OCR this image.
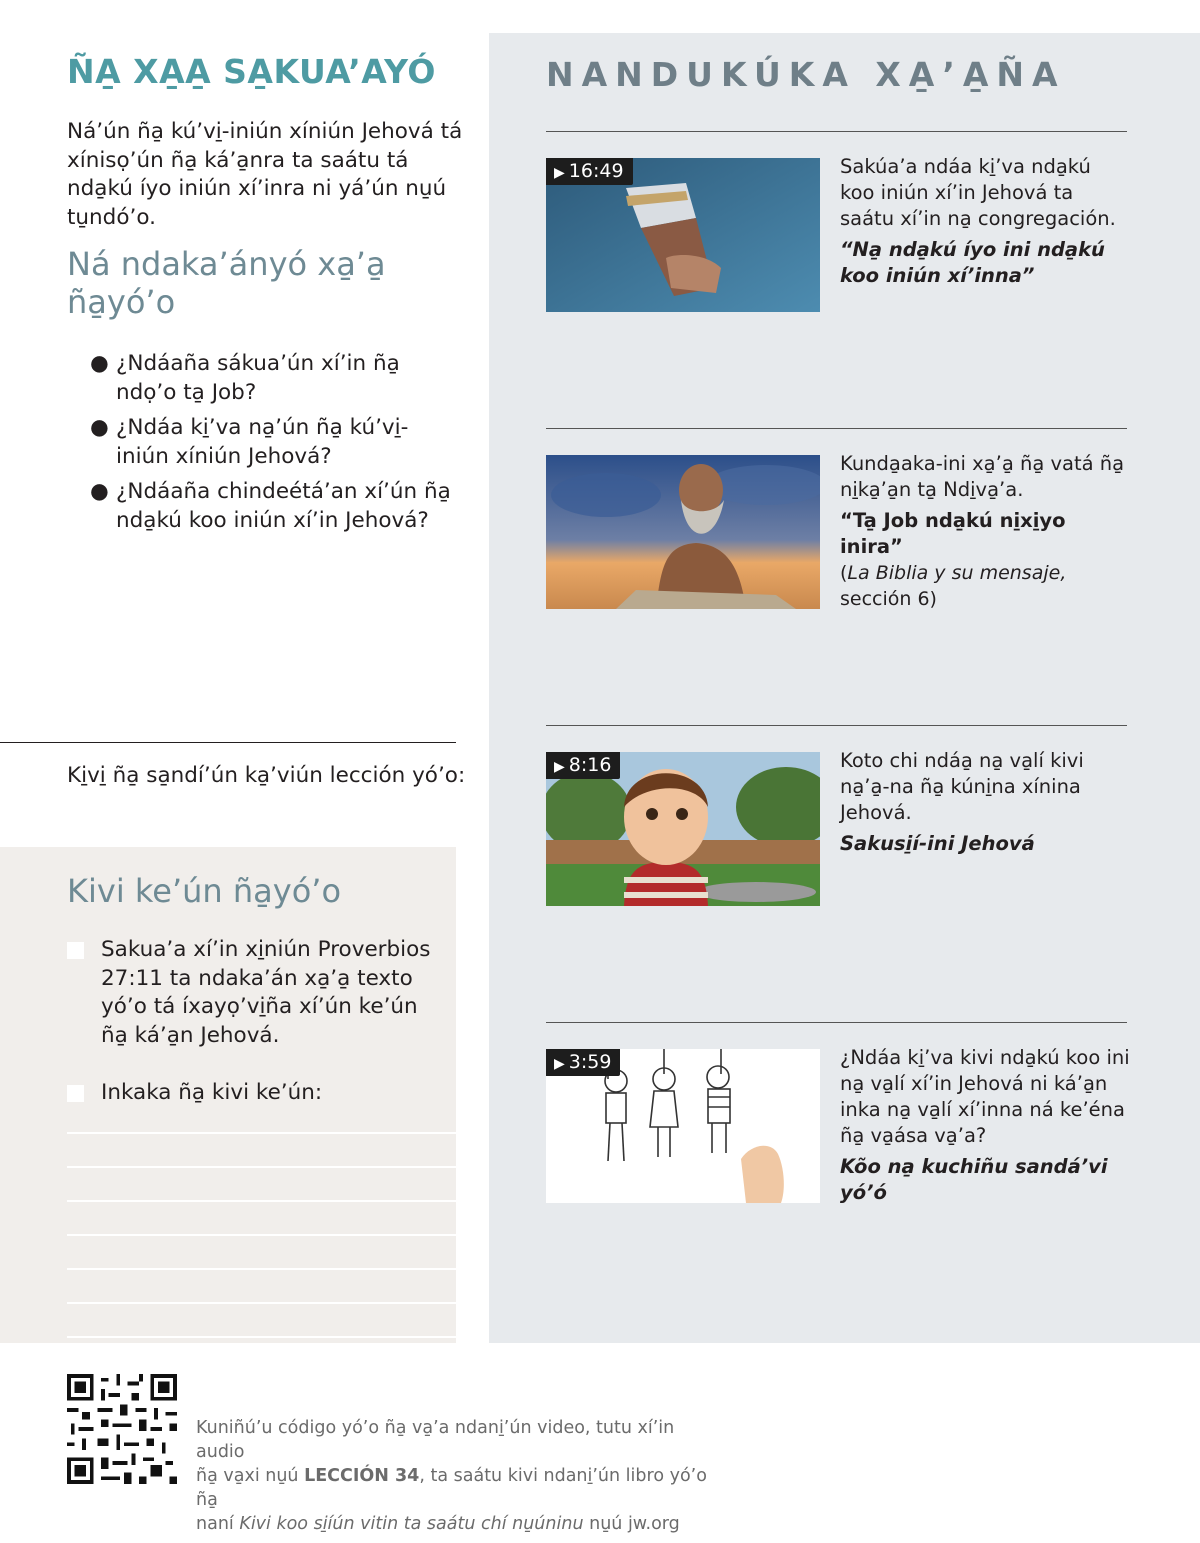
ÑA̱ XA̱A̱ SA̱KUA’AYÓ

Ná’ún ña̱ kú’vi̱-iniún xíniún Jehová tá xínisọ’ún ña̱ ká’a̱nra ta saátu tá nda̱kú íyo iniún xí’inra ni yá’ún nu̱ú tu̱ndó’o.

Ná ndaka’ányó xa̱’a̱ ña̱yó’o
● ¿Ndáaña sákua’ún xí’in ña̱ ndọ’o ta̱ Job?
● ¿Ndáa ki̱’va na̱’ún ña̱ kú’vi̱-iniún xíniún Jehová?
● ¿Ndáaña chindeétá’an xí’ún ña̱ nda̱kú koo iniún xí’in Jehová?
Ki̱vi̱ ña̱ sa̱ndí’ún ka̱’viún lección yó’o:
Kivi ke’ún ña̱yó’o
Sakua’a xí’in xi̱niún Proverbios 27:11 ta ndaka’án xa̱’a̱ texto yó’o tá íxayọ’vi̱ña xí’ún ke’ún ña̱ ká’a̱n Jehová.
Inkaka ña̱ kivi ke’ún:
NANDUKÚKA XA̱’A̱ÑA
▶ 16:49	Sakúa’a ndáa ki̱’va nda̱kú koo iniún xí’in Jehová ta saátu xí’in na̱ congregación.
“Na̱ nda̱kú íyo ini nda̱kú koo iniún xí’inna”
Kunda̱aka-ini xa̱’a̱ ña̱ vatá ña̱ ni̱ka̱’a̱n ta̱ Ndi̱va̱’a.
“Ta̱ Job nda̱kú ni̱xi̱yo inira”
(La Biblia y su mensaje, sección 6)
▶ 8:16	Koto chi ndáa̱ na̱ va̱lí kivi na̱’a̱-na ña̱ kúni̱na xínina Jehová.
Sakusi̱í-ini Jehová
▶ 3:59	¿Ndáa ki̱’va kivi nda̱kú koo ini na̱ va̱lí xí’in Jehová ni ká’a̱n inka na̱ va̱lí xí’inna ná ke’éna ña̱ va̱ása va̱’a?
Kõo na̱ kuchiñu sandá’vi yó’ó
Kuniñú’u código yó’o ña̱ va̱’a ndani̱’ún video, tutu xí’in audio
ña̱ va̱xi nu̱ú LECCIÓN 34, ta saátu kivi ndani̱’ún libro yó’o ña̱
naní Kivi koo si̱íún vitin ta saátu chí nu̱úninu nu̱ú jw.org
